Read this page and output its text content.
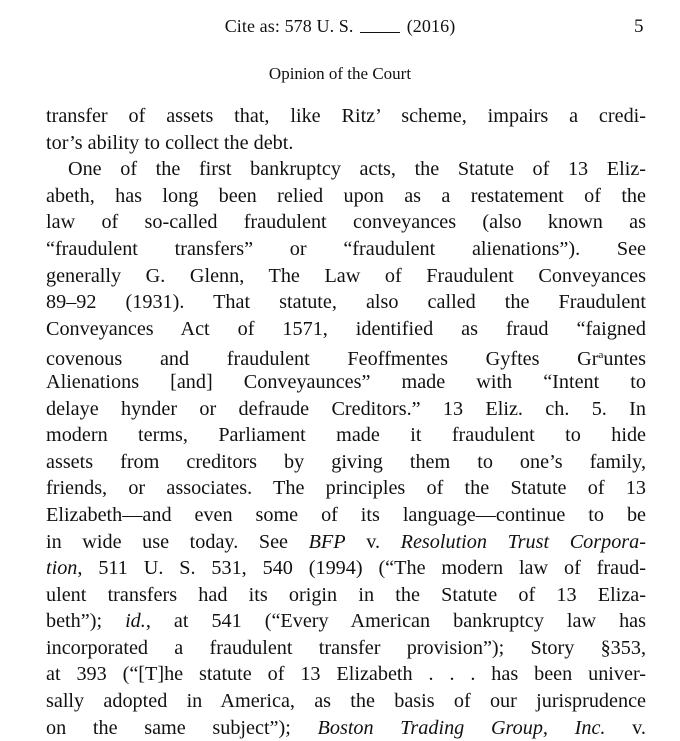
Cite as: 578 U. S.  (2016)	5
Opinion of the Court
transfer of assets that, like Ritz’ scheme, impairs a credi-
tor’s ability to collect the debt.
One of the first bankruptcy acts, the Statute of 13 Eliz-
abeth, has long been relied upon as a restatement of the
law of so-called fraudulent conveyances (also known as
“fraudulent transfers” or “fraudulent alienations”). See
generally G. Glenn, The Law of Fraudulent Conveyances
89–92 (1931). That statute, also called the Fraudulent
Conveyances Act of 1571, identified as fraud “faigned
covenous and fraudulent Feoffmentes Gyftes Gr$^a$untes
Alienations [and] Conveyaunces” made with “Intent to
delaye hynder or defraude Creditors.” 13 Eliz. ch. 5. In
modern terms, Parliament made it fraudulent to hide
assets from creditors by giving them to one’s family,
friends, or associates. The principles of the Statute of 13
Elizabeth—and even some of its language—continue to be
in wide use today. See BFP v. Resolution Trust Corpora-
tion, 511 U. S. 531, 540 (1994) (“The modern law of fraud-
ulent transfers had its origin in the Statute of 13 Eliza-
beth”); id., at 541 (“Every American bankruptcy law has
incorporated a fraudulent transfer provision”); Story §353,
at 393 (“[T]he statute of 13 Elizabeth . . . has been univer-
sally adopted in America, as the basis of our jurisprudence
on the same subject”); Boston Trading Group, Inc. v.
